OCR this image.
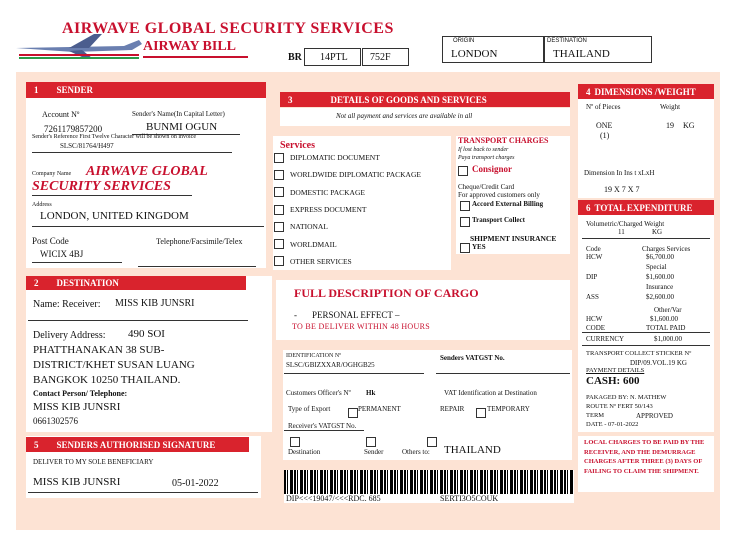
AIRWAVE GLOBAL SECURITY SERVICES
AIRWAY BILL
BR 14PTL 752F
ORIGIN
LONDON
DESTINATION
THAILAND
1 SENDER
Account Nº
7261179857200
Sender's Name(In Capital Letter)
BUNMI OGUN
Sender's Reference First Twelve Character will be shown on invoice
SLSC/81764/H497
Company Name AIRWAVE GLOBAL
SECURITY SERVICES
Address
LONDON, UNITED KINGDOM
Post Code
WICIX 4BJ
Telephone/Facsimile/Telex
2 DESTINATION
Name: Receiver: MISS KIB JUNSRI
Delivery Address: 490 SOI
PHATTHANAKAN 38 SUB-
DISTRICT/KHET SUSAN LUANG
BANGKOK 10250 THAILAND.
Contact Person/ Telephone:
MISS KIB JUNSRI
0661302576
5 SENDERS AUTHORISED SIGNATURE
DELIVER TO MY SOLE BENEFICIARY
MISS KIB JUNSRI	05-01-2022
3	DETAILS OF GOODS AND SERVICES
Not all payment and services are available in all
Services
DIPLOMATIC DOCUMENT
WORLDWIDE DIPLOMATIC PACKAGE
DOMESTIC PACKAGE
EXPRESS DOCUMENT
NATIONAL
WORLDMAIL
OTHER SERVICES
TRANSPORT CHARGES
If lost back to sender
Paya transport charges
Consignor
Cheque/Credit Card
For approved customers only
Accord External Billing
Transport Collect
SHIPMENT INSURANCE
YES
FULL DESCRIPTION OF CARGO
- PERSONAL EFFECT –
TO BE DELIVER WITHIN 48 HOURS
IDENTIFICATION Nº
SLSC/GBIZXXAR/OGHGB25
Senders VATGST No.
Customers Officer's Nº Hk	VAT Identification at Destination
Type of Export	PERMANENT	REPAIR	TEMPORARY
Receiver's VATGST No.
Destination	Sender	Others to: THAILAND
DIP<<<19047/<<<RDC. 685	SERTI3O5COUK
4 DIMENSIONS /WEIGHT
Nº of Pieces	Weight
ONE
(1)
19 KG
Dimension In Ins t xLxH
19 X 7 X 7
6 TOTAL EXPENDITURE
Volumetric/Charged Weight
11	KG
Code	Charges Services
HCW	$6,700.00
Special
DIP	$1,600.00
Insurance
ASS	$2,600.00
Other/Var
HCW	$1,600.00
CODE	TOTAL PAID
CURRENCY	$1,000.00
TRANSPORT COLLECT STICKER Nº
DIP/09.VOL.19 KG
PAYMENT DETAILS
CASH: 600
PAKAGED BY: N. MATHEW
ROUTE Nº FERT 50/143
TERM	APPROVED
DATE - 07-01-2022
LOCAL CHARGES TO BE PAID BY THE RECEIVER, AND THE DEMURRAGE CHARGES AFTER THREE (3) DAYS OF FAILING TO CLAIM THE SHIPMENT.
